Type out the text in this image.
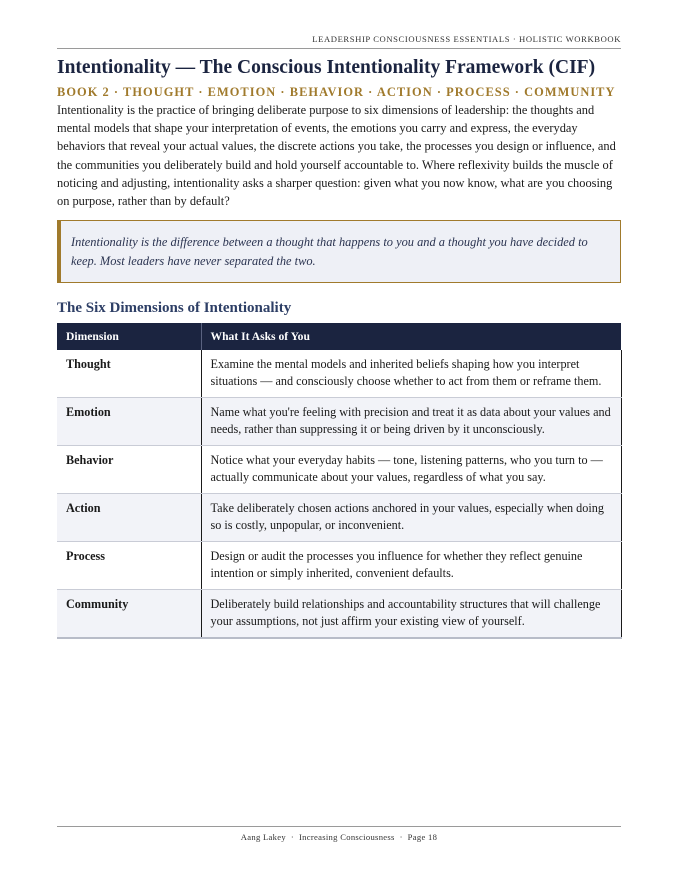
LEADERSHIP CONSCIOUSNESS ESSENTIALS · HOLISTIC WORKBOOK
Intentionality — The Conscious Intentionality Framework (CIF)
BOOK 2 · THOUGHT · EMOTION · BEHAVIOR · ACTION · PROCESS · COMMUNITY

Intentionality is the practice of bringing deliberate purpose to six dimensions of leadership: the thoughts and mental models that shape your interpretation of events, the emotions you carry and express, the everyday behaviors that reveal your actual values, the discrete actions you take, the processes you design or influence, and the communities you deliberately build and hold yourself accountable to. Where reflexivity builds the muscle of noticing and adjusting, intentionality asks a sharper question: given what you now know, what are you choosing on purpose, rather than by default?

Intentionality is the difference between a thought that happens to you and a thought you have decided to keep. Most leaders have never separated the two.

The Six Dimensions of Intentionality
Dimension	What It Asks of You
Thought	Examine the mental models and inherited beliefs shaping how you interpret situations — and consciously choose whether to act from them or reframe them.
Emotion	Name what you're feeling with precision and treat it as data about your values and needs, rather than suppressing it or being driven by it unconsciously.
Behavior	Notice what your everyday habits — tone, listening patterns, who you turn to — actually communicate about your values, regardless of what you say.
Action	Take deliberately chosen actions anchored in your values, especially when doing so is costly, unpopular, or inconvenient.
Process	Design or audit the processes you influence for whether they reflect genuine intention or simply inherited, convenient defaults.
Community	Deliberately build relationships and accountability structures that will challenge your assumptions, not just affirm your existing view of yourself.
Aang Lakey  ·  Increasing Consciousness  ·  Page 18
